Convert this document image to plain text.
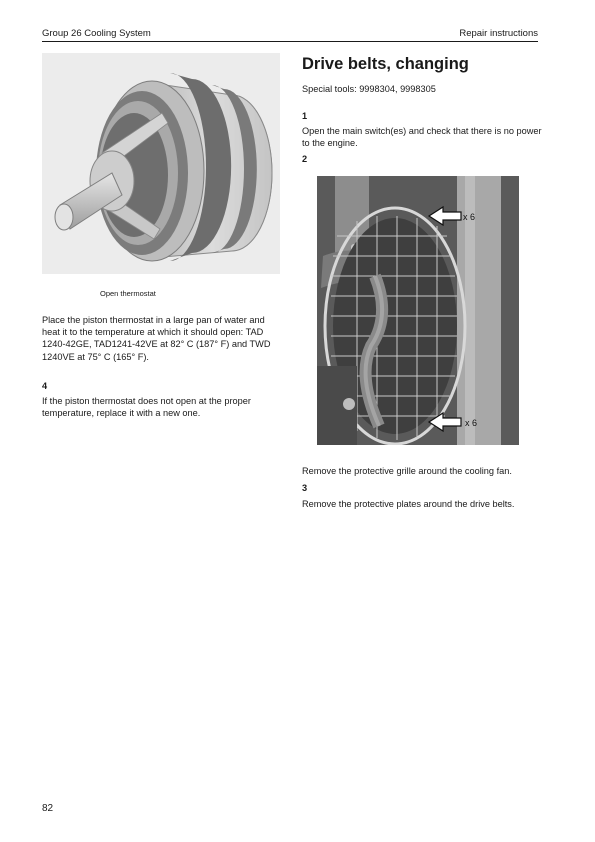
Group 26 Cooling System	Repair instructions
Open thermostat

Place the piston thermostat in a large pan of water and heat it to the temperature at which it should open: TAD 1240-42GE, TAD1241-42VE at 82° C (187° F) and TWD 1240VE at 75° C (165° F).

4

If the piston thermostat does not open at the proper temperature, replace it with a new one.

Drive belts, changing
Special tools: 9998304, 9998305
1

Open the main switch(es) and check that there is no power to the engine.

2
x 6
x 6

Remove the protective grille around the cooling fan.

3

Remove the protective plates around the drive belts.

82
